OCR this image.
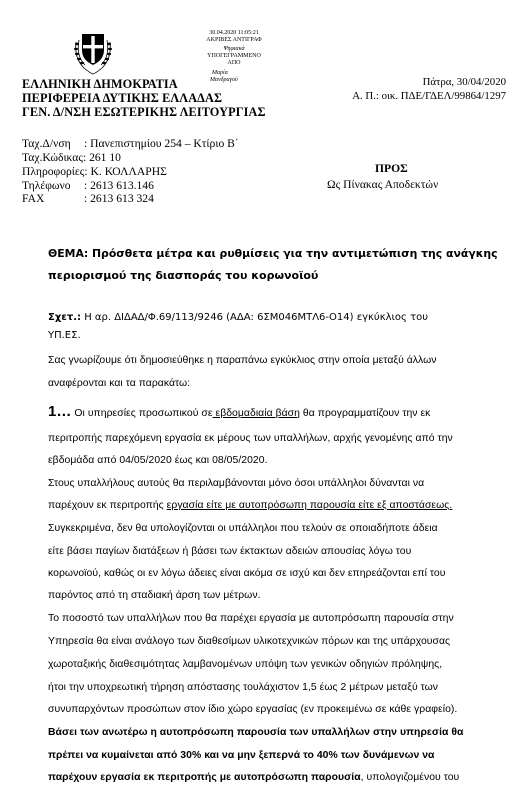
30.04.2020 11:05:21
ΑΚΡΙΒΕΣ ΑΝΤΙΓΡΑΦ
Ψηφιακά
ΥΠΟΓΕΓΡΑΜΜΕΝΟ
ΑΠΟ
Μαρία
Μανδραγού
ΕΛΛΗΝΙΚΗ ΔΗΜΟΚΡΑΤΙΑ
ΠΕΡΙΦΕΡΕΙΑ ΔΥΤΙΚΗΣ ΕΛΛΑΔΑΣ
ΓΕΝ. Δ/ΝΣΗ ΕΣΩΤΕΡΙΚΗΣ ΛΕΙΤΟΥΡΓΙΑΣ
Πάτρα, 30/04/2020
Α. Π.: οικ. ΠΔΕ/ΓΔΕΛ/99864/1297
Ταχ.Δ/νση : Πανεπιστημίου 254 – Κτίριο Β΄
Ταχ.Κώδικας: 261 10
Πληροφορίες: Κ. ΚΟΛΛΑΡΗΣ
Τηλέφωνο : 2613 613.146
FAX	: 2613 613 324
ΠΡΟΣ
Ως Πίνακας Αποδεκτών
ΘΕΜΑ: Πρόσθετα μέτρα και ρυθμίσεις για την αντιμετώπιση της ανάγκης
περιορισμού της διασποράς του κορωνοϊού
Σχετ.: Η αρ. ΔΙΔΑΔ/Φ.69/113/9246 (ΑΔΑ: 6ΣΜ046ΜΤΛ6-Ο14) εγκύκλιος του
ΥΠ.ΕΣ.
Σας γνωρίζουμε ότι δημοσιεύθηκε η παραπάνω εγκύκλιος στην οποία μεταξύ άλλων
αναφέρονται και τα παρακάτω:
1… Οι υπηρεσίες προσωπικού σε εβδομαδιαία βάση θα προγραμματίζουν την εκ
περιτροπής παρεχόμενη εργασία εκ μέρους των υπαλλήλων, αρχής γενομένης από την
εβδομάδα από 04/05/2020 έως και 08/05/2020.
Στους υπαλλήλους αυτούς θα περιλαμβάνονται μόνο όσοι υπάλληλοι δύνανται να
παρέχουν εκ περιτροπής εργασία είτε με αυτοπρόσωπη παρουσία είτε εξ αποστάσεως.
Συγκεκριμένα, δεν θα υπολογίζονται οι υπάλληλοι που τελούν σε οποιαδήποτε άδεια
είτε βάσει παγίων διατάξεων ή βάσει των έκτακτων αδειών απουσίας λόγω του
κορωνοϊού, καθώς οι εν λόγω άδειες είναι ακόμα σε ισχύ και δεν επηρεάζονται επί του
παρόντος από τη σταδιακή άρση των μέτρων.
Το ποσοστό των υπαλλήλων που θα παρέχει εργασία με αυτοπρόσωπη παρουσία στην
Υπηρεσία θα είναι ανάλογο των διαθεσίμων υλικοτεχνικών πόρων και της υπάρχουσας
χωροταξικής διαθεσιμότητας λαμβανομένων υπόψη των γενικών οδηγιών πρόληψης,
ήτοι την υποχρεωτική τήρηση απόστασης τουλάχιστον 1,5 έως 2 μέτρων μεταξύ των
συνυπαρχόντων προσώπων στον ίδιο χώρο εργασίας (εν προκειμένω σε κάθε γραφείο).
Βάσει των ανωτέρω η αυτοπρόσωπη παρουσία των υπαλλήλων στην υπηρεσία θα
πρέπει να κυμαίνεται από 30% και να μην ξεπερνά το 40% των δυνάμενων να
παρέχουν εργασία εκ περιτροπής με αυτοπρόσωπη παρουσία, υπολογιζομένου του
